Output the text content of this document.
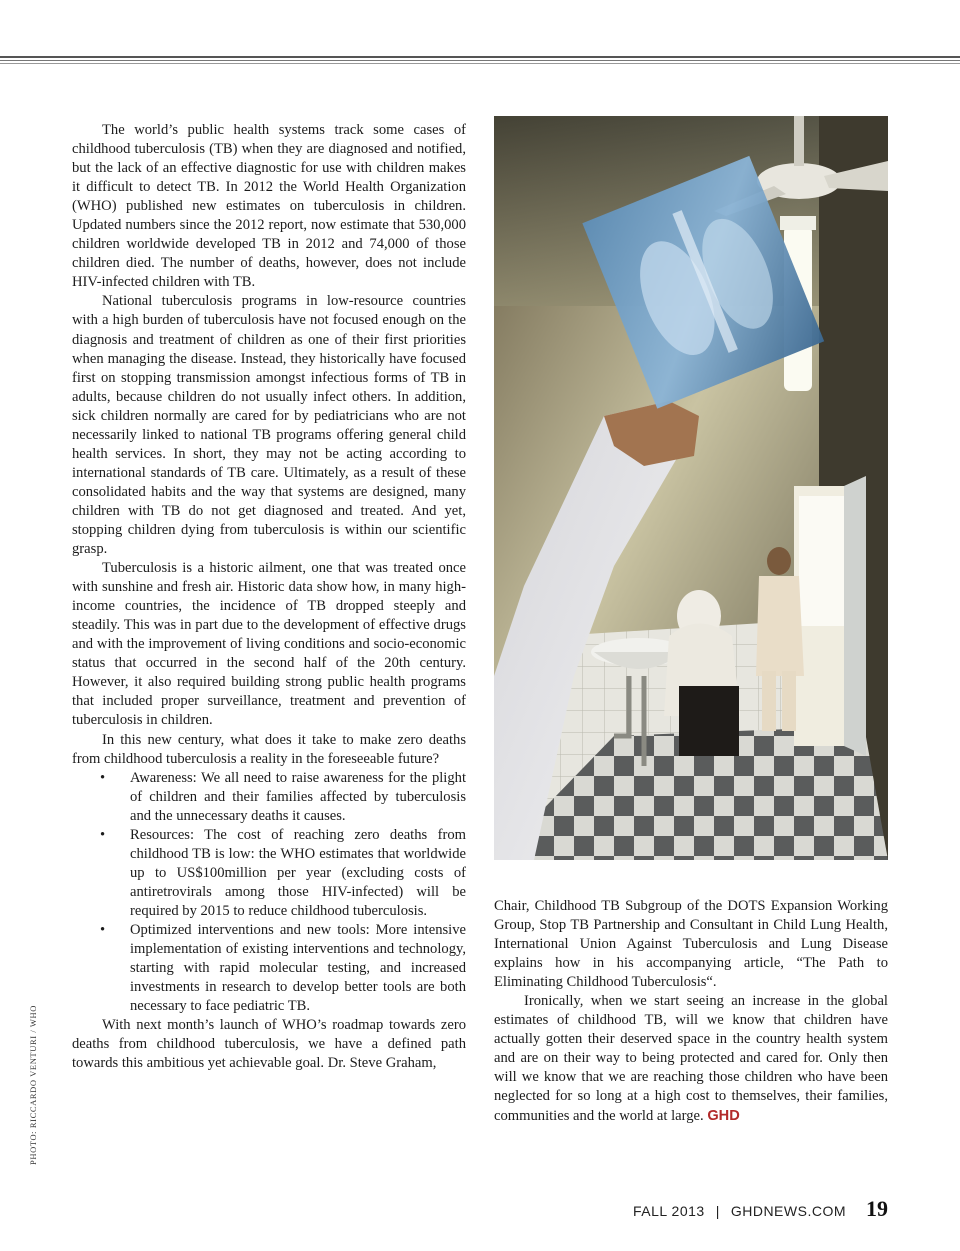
The world’s public health systems track some cases of childhood tuberculosis (TB) when they are diagnosed and notified, but the lack of an effective diagnostic for use with children makes it difficult to detect TB. In 2012 the World Health Organization (WHO) published new estimates on tuberculosis in children. Updated numbers since the 2012 report, now estimate that 530,000 children worldwide developed TB in 2012 and 74,000 of those children died. The number of deaths, however, does not include HIV-infected children with TB.

National tuberculosis programs in low-resource countries with a high burden of tuberculosis have not focused enough on the diagnosis and treatment of children as one of their first priorities when managing the disease. Instead, they historically have focused first on stopping transmission amongst infectious forms of TB in adults, because children do not usually infect others. In addition, sick children normally are cared for by pediatricians who are not necessarily linked to national TB programs offering general child health services. In short, they may not be acting according to international standards of TB care. Ultimately, as a result of these consolidated habits and the way that systems are designed, many children with TB do not get diagnosed and treated. And yet, stopping children dying from tuberculosis is within our scientific grasp.

Tuberculosis is a historic ailment, one that was treated once with sunshine and fresh air. Historic data show how, in many high-income countries, the incidence of TB dropped steeply and steadily. This was in part due to the development of effective drugs and with the improvement of living conditions and socio-economic status that occurred in the second half of the 20th century. However, it also required building strong public health programs that included proper surveillance, treatment and prevention of tuberculosis in children.

In this new century, what does it take to make zero deaths from childhood tuberculosis a reality in the foreseeable future?

• Awareness: We all need to raise awareness for the plight of children and their families affected by tuberculosis and the unnecessary deaths it causes.
• Resources: The cost of reaching zero deaths from childhood TB is low: the WHO estimates that worldwide up to US$100million per year (excluding costs of antiretrovirals among those HIV-infected) will be required by 2015 to reduce childhood tuberculosis.
• Optimized interventions and new tools: More intensive implementation of existing interventions and technology, starting with rapid molecular testing, and increased investments in research to develop better tools are both necessary to face pediatric TB.

With next month’s launch of WHO’s roadmap towards zero deaths from childhood tuberculosis, we have a defined path towards this ambitious yet achievable goal. Dr. Steve Graham,

Chair, Childhood TB Subgroup of the DOTS Expansion Working Group, Stop TB Partnership and Consultant in Child Lung Health, International Union Against Tuberculosis and Lung Disease explains how in his accompanying article, “The Path to Eliminating Childhood Tuberculosis“.

Ironically, when we start seeing an increase in the global estimates of childhood TB, will we know that children have actually gotten their deserved space in the country health system and are on their way to being protected and cared for. Only then will we know that we are reaching those children who have been neglected for so long at a high cost to themselves, their families, communities and the world at large. GHD

PHOTO: RICCARDO VENTURI / WHO
FALL 2013 | GHDNEWS.COM 19
